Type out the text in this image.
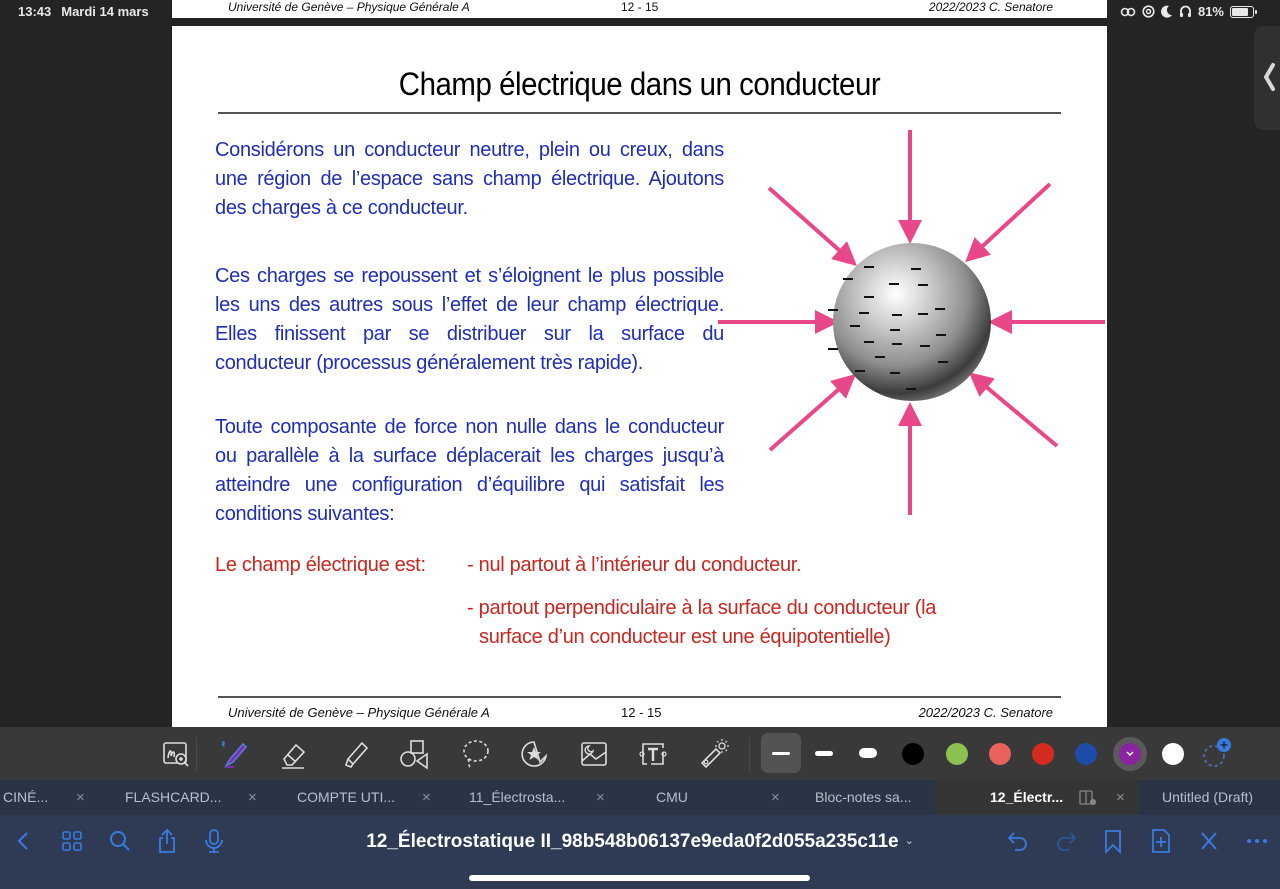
Université de Genève – Physique Générale A	12 - 15	2022/2023 C. Senatore
13:43 Mardi 14 mars	81%
Champ électrique dans un conducteur
Considérons un conducteur neutre, plein ou creux, dans une région de l’espace sans champ électrique. Ajoutons des charges à ce conducteur.
Ces charges se repoussent et s’éloignent le plus possible les uns des autres sous l’effet de leur champ électrique. Elles finissent par se distribuer sur la surface du conducteur (processus généralement très rapide).
Toute composante de force non nulle dans le conducteur ou parallèle à la surface déplacerait les charges jusqu’à atteindre une configuration d’équilibre qui satisfait les conditions suivantes:
Le champ électrique est: - nul partout à l’intérieur du conducteur.
- partout perpendiculaire à la surface du conducteur (la
surface d’un conducteur est une équipotentielle)
Université de Genève – Physique Générale A	12 - 15	2022/2023 C. Senatore
CINÉ... ×	FLASHCARD... ×	COMPTE UTI... ×	11_Électrosta... ×	CMU	×	Bloc-notes sa...	12_Électr...	×	Untitled (Draft)
12_Électrostatique II_98b548b06137e9eda0f2d055a235c11e ⌄
